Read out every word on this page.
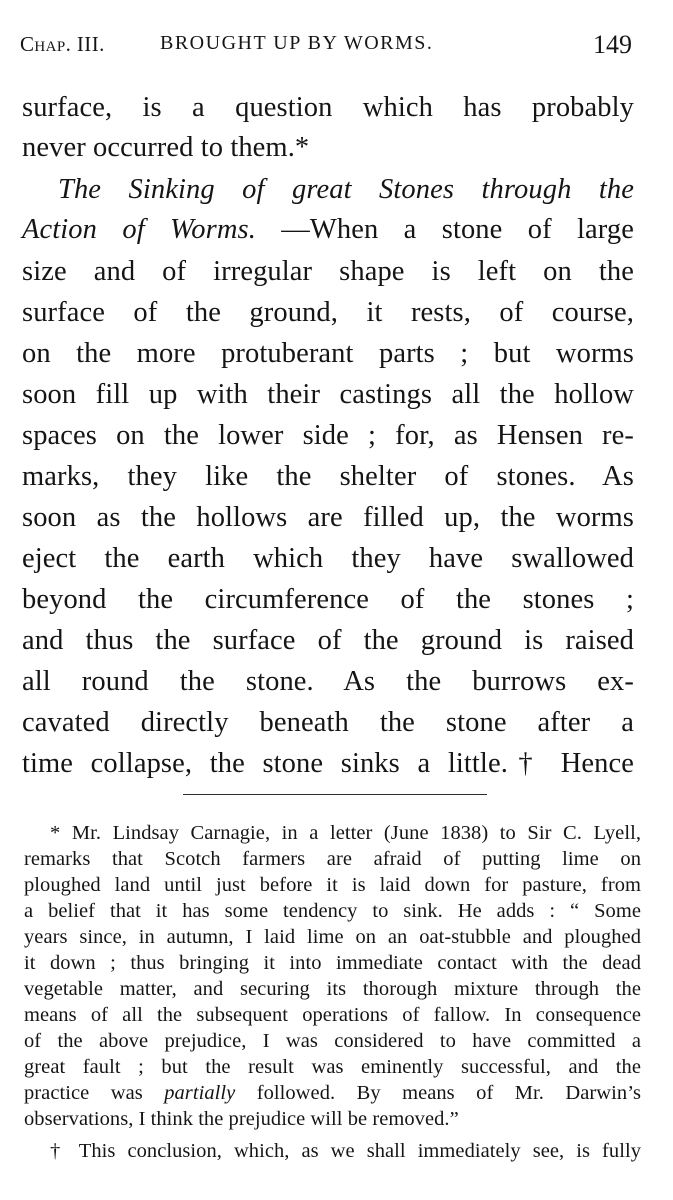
Chap. III.	BROUGHT UP BY WORMS.	149
surface, is a question which has probably
never occurred to them.*
The Sinking of great Stones through the
Action of Worms. —When a stone of large
size and of irregular shape is left on the
surface of the ground, it rests, of course,
on the more protuberant parts ; but worms
soon fill up with their castings all the hollow
spaces on the lower side ; for, as Hensen re-
marks, they like the shelter of stones. As
soon as the hollows are filled up, the worms
eject the earth which they have swallowed
beyond the circumference of the stones ;
and thus the surface of the ground is raised
all round the stone. As the burrows ex-
cavated directly beneath the stone after a
time collapse, the stone sinks a little.† Hence
* Mr. Lindsay Carnagie, in a letter (June 1838) to Sir C. Lyell,
remarks that Scotch farmers are afraid of putting lime on
ploughed land until just before it is laid down for pasture, from
a belief that it has some tendency to sink. He adds : “ Some
years since, in autumn, I laid lime on an oat-stubble and ploughed
it down ; thus bringing it into immediate contact with the dead
vegetable matter, and securing its thorough mixture through the
means of all the subsequent operations of fallow. In consequence
of the above prejudice, I was considered to have committed a
great fault ; but the result was eminently successful, and the
practice was partially followed. By means of Mr. Darwin’s
observations, I think the prejudice will be removed.”
† This conclusion, which, as we shall immediately see, is fully
